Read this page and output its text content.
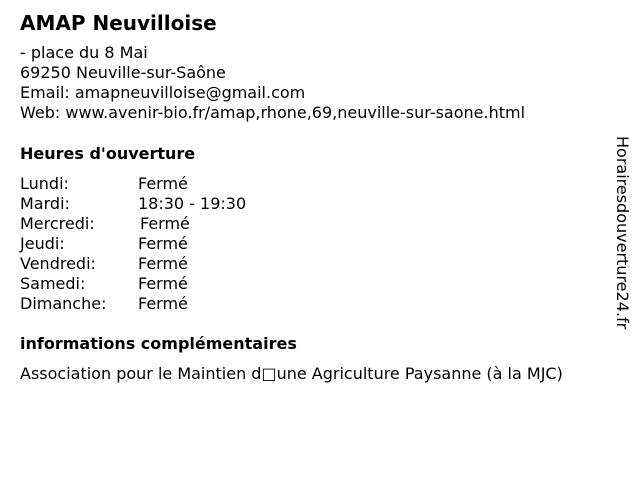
AMAP Neuvilloise
- place du 8 Mai
69250 Neuville-sur-Saône
Email: amapneuvilloise@gmail.com
Web: www.avenir-bio.fr/amap,rhone,69,neuville-sur-saone.html
Heures d'ouverture
Lundi:	Fermé
Mardi:	18:30 - 19:30
Mercredi:	Fermé
Jeudi:	Fermé
Vendredi:	Fermé
Samedi:	Fermé
Dimanche: Fermé
informations complémentaires
Association pour le Maintien d□une Agriculture Paysanne (à la MJC)
Horairesdouverture24.fr
